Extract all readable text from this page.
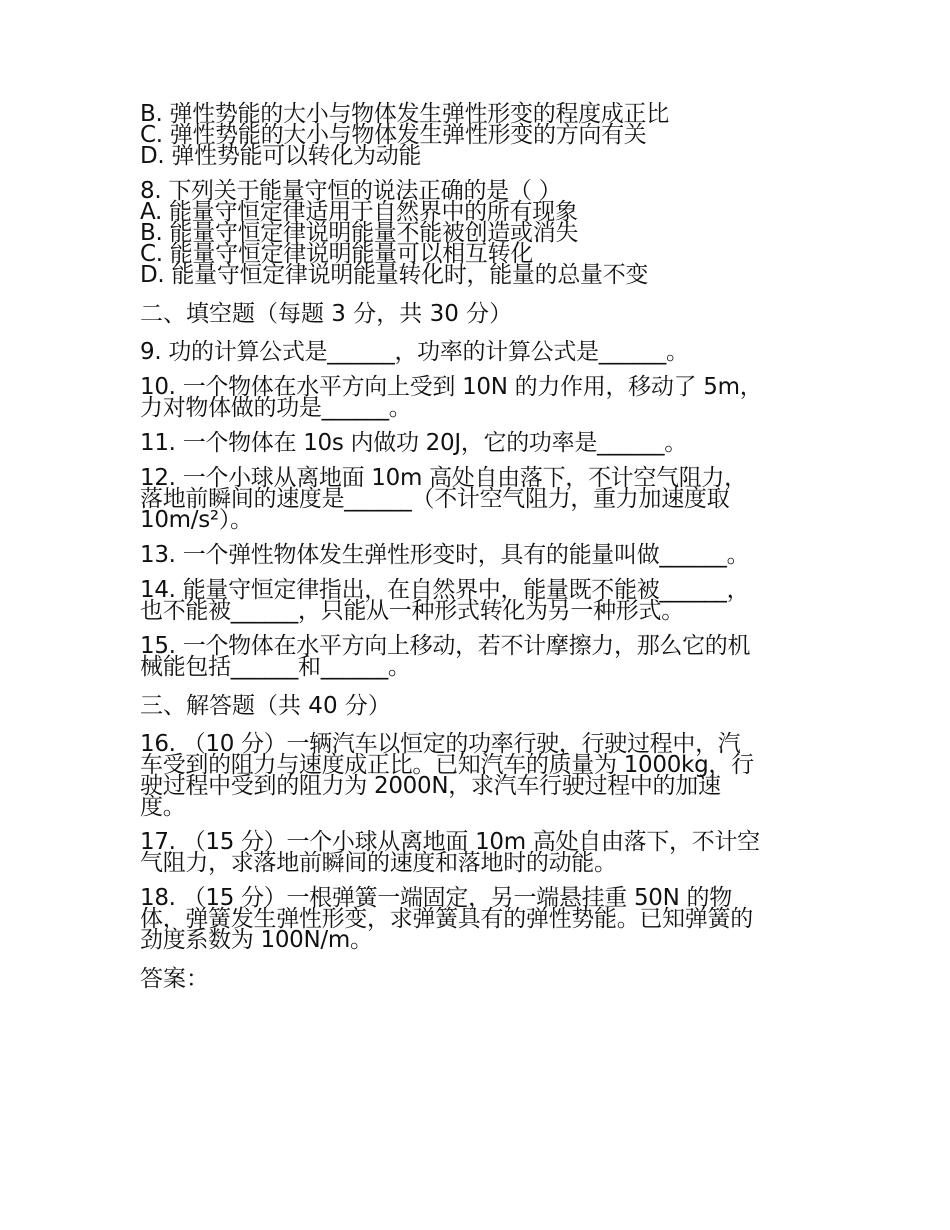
B. 弹性势能的大小与物体发生弹性形变的程度成正比
C. 弹性势能的大小与物体发生弹性形变的方向有关
D. 弹性势能可以转化为动能
8. 下列关于能量守恒的说法正确的是（ ）
A. 能量守恒定律适用于自然界中的所有现象
B. 能量守恒定律说明能量不能被创造或消失
C. 能量守恒定律说明能量可以相互转化
D. 能量守恒定律说明能量转化时，能量的总量不变
二、填空题（每题 3 分，共 30 分）
9. 功的计算公式是______，功率的计算公式是______。
10. 一个物体在水平方向上受到 10N 的力作用，移动了 5m，
力对物体做的功是______。
11. 一个物体在 10s 内做功 20J，它的功率是______。
12. 一个小球从离地面 10m 高处自由落下，不计空气阻力，
落地前瞬间的速度是______（不计空气阻力，重力加速度取
10m/s²）。
13. 一个弹性物体发生弹性形变时，具有的能量叫做______。
14. 能量守恒定律指出，在自然界中，能量既不能被______，
也不能被______，只能从一种形式转化为另一种形式。
15. 一个物体在水平方向上移动，若不计摩擦力，那么它的机
械能包括______和______。
三、解答题（共 40 分）
16. （10 分）一辆汽车以恒定的功率行驶，行驶过程中，汽
车受到的阻力与速度成正比。已知汽车的质量为 1000kg，行
驶过程中受到的阻力为 2000N，求汽车行驶过程中的加速
度。
17. （15 分）一个小球从离地面 10m 高处自由落下，不计空
气阻力，求落地前瞬间的速度和落地时的动能。
18. （15 分）一根弹簧一端固定，另一端悬挂重 50N 的物
体，弹簧发生弹性形变，求弹簧具有的弹性势能。已知弹簧的
劲度系数为 100N/m。
答案：
